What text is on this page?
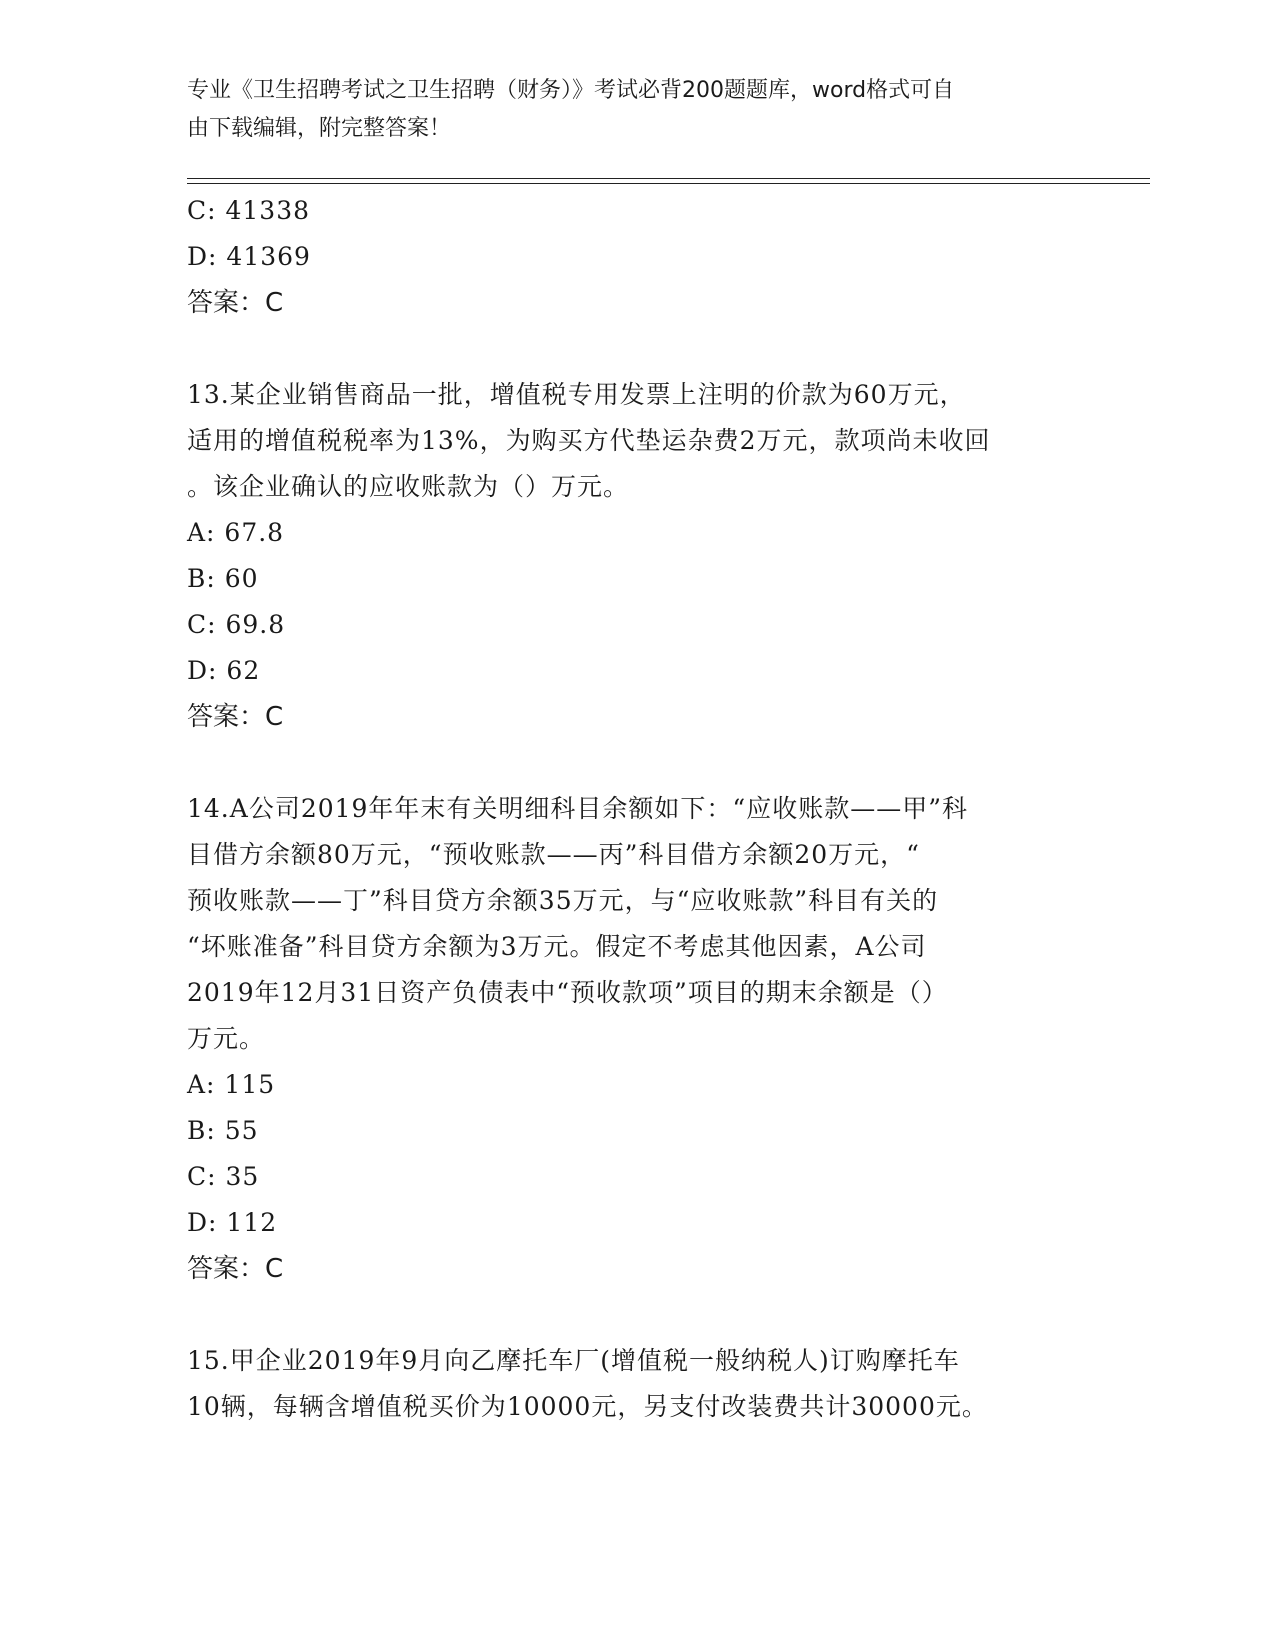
专业《卫生招聘考试之卫生招聘（财务）》考试必背200题题库，word格式可自
由下载编辑，附完整答案！
C: 41338
D: 41369
答案：C
13.某企业销售商品一批，增值税专用发票上注明的价款为60万元，
适用的增值税税率为13%，为购买方代垫运杂费2万元，款项尚未收回
。该企业确认的应收账款为（）万元。
A: 67.8
B: 60
C: 69.8
D: 62
答案：C
14.A公司2019年年末有关明细科目余额如下：“应收账款——甲”科
目借方余额80万元，“预收账款——丙”科目借方余额20万元，“
预收账款——丁”科目贷方余额35万元，与“应收账款”科目有关的
“坏账准备”科目贷方余额为3万元。假定不考虑其他因素，A公司
2019年12月31日资产负债表中“预收款项”项目的期末余额是（）
万元。
A: 115
B: 55
C: 35
D: 112
答案：C
15.甲企业2019年9月向乙摩托车厂(增值税一般纳税人)订购摩托车
10辆，每辆含增值税买价为10000元，另支付改装费共计30000元。
